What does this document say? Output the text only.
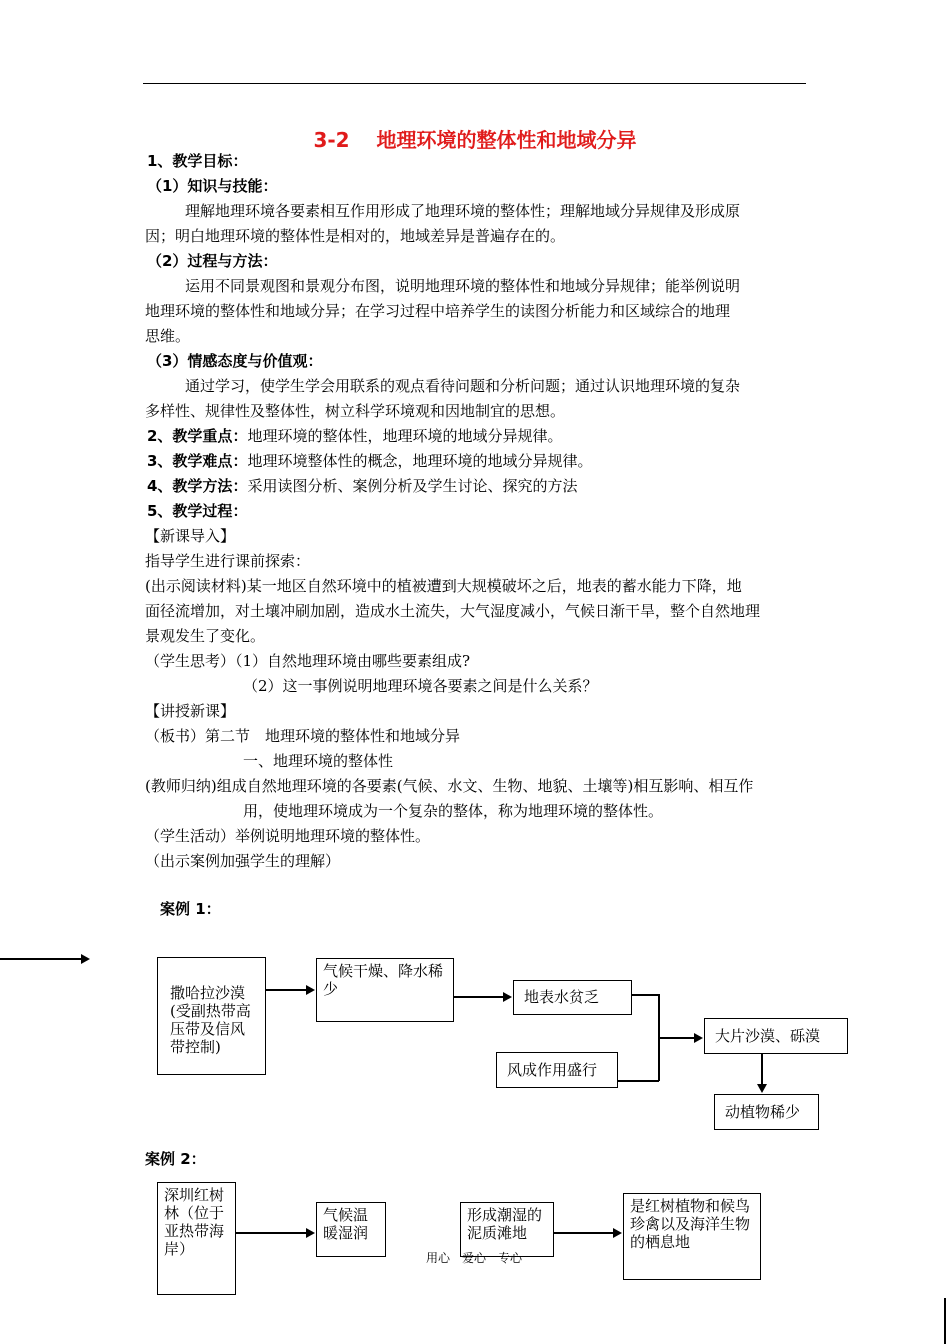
3-2　 地理环境的整体性和地域分异
1、教学目标：
（1）知识与技能：
理解地理环境各要素相互作用形成了地理环境的整体性；理解地域分异规律及形成原
因；明白地理环境的整体性是相对的，地域差异是普遍存在的。
（2）过程与方法：
运用不同景观图和景观分布图，说明地理环境的整体性和地域分异规律；能举例说明
地理环境的整体性和地域分异；在学习过程中培养学生的读图分析能力和区域综合的地理
思维。
（3）情感态度与价值观：
通过学习，使学生学会用联系的观点看待问题和分析问题；通过认识地理环境的复杂
多样性、规律性及整体性，树立科学环境观和因地制宜的思想。
2、教学重点：地理环境的整体性，地理环境的地域分异规律。
3、教学难点：地理环境整体性的概念，地理环境的地域分异规律。
4、教学方法：采用读图分析、案例分析及学生讨论、探究的方法
5、教学过程：
【新课导入】
指导学生进行课前探索：
(出示阅读材料)某一地区自然环境中的植被遭到大规模破坏之后，地表的蓄水能力下降，地
面径流增加，对土壤冲刷加剧，造成水土流失，大气湿度减小，气候日渐干旱，整个自然地理
景观发生了变化。
（学生思考）（1）自然地理环境由哪些要素组成?
（2）这一事例说明地理环境各要素之间是什么关系？
【讲授新课】
（板书）第二节　地理环境的整体性和地域分异
一、地理环境的整体性
(教师归纳)组成自然地理环境的各要素(气候、水文、生物、地貌、土壤等)相互影响、相互作
用，使地理环境成为一个复杂的整体，称为地理环境的整体性。
（学生活动）举例说明地理环境的整体性。
（出示案例加强学生的理解）
案例 1：
撒哈拉沙漠(受副热带高压带及信风带控制)
气候干燥、降水稀少	地表水贫乏
风成作用盛行
大片沙漠、砾漠
动植物稀少
案例 2：
深圳红树林（位于亚热带海岸）
气候温暖湿润
形成潮湿的泥质滩地
是红树植物和候鸟珍禽以及海洋生物的栖息地
用心　爱心　专心
